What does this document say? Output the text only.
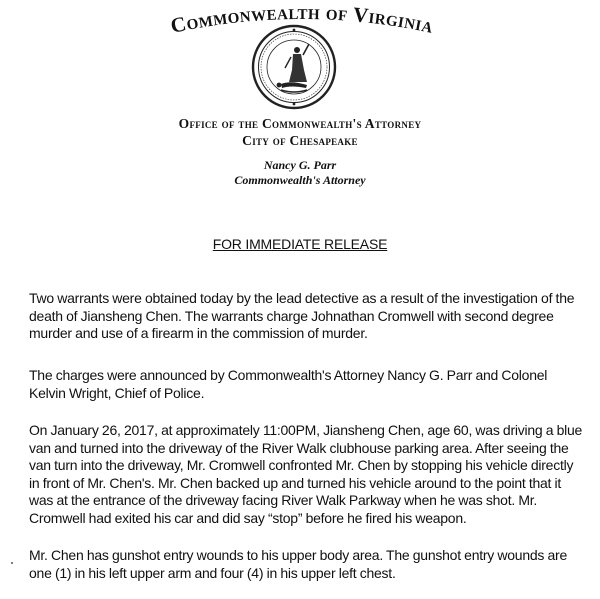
Commonwealth of Virginia
Office of the Commonwealth's Attorney
City of Chesapeake
Nancy G. Parr
Commonwealth's Attorney
FOR IMMEDIATE RELEASE

Two warrants were obtained today by the lead detective as a result of the investigation of the death of Jiansheng Chen. The warrants charge Johnathan Cromwell with second degree murder and use of a firearm in the commission of murder.

The charges were announced by Commonwealth's Attorney Nancy G. Parr and Colonel Kelvin Wright, Chief of Police.

On January 26, 2017, at approximately 11:00PM, Jiansheng Chen, age 60, was driving a blue van and turned into the driveway of the River Walk clubhouse parking area. After seeing the van turn into the driveway, Mr. Cromwell confronted Mr. Chen by stopping his vehicle directly in front of Mr. Chen's. Mr. Chen backed up and turned his vehicle around to the point that it was at the entrance of the driveway facing River Walk Parkway when he was shot. Mr. Cromwell had exited his car and did say “stop” before he fired his weapon.

Mr. Chen has gunshot entry wounds to his upper body area. The gunshot entry wounds are one (1) in his left upper arm and four (4) in his upper left chest.
